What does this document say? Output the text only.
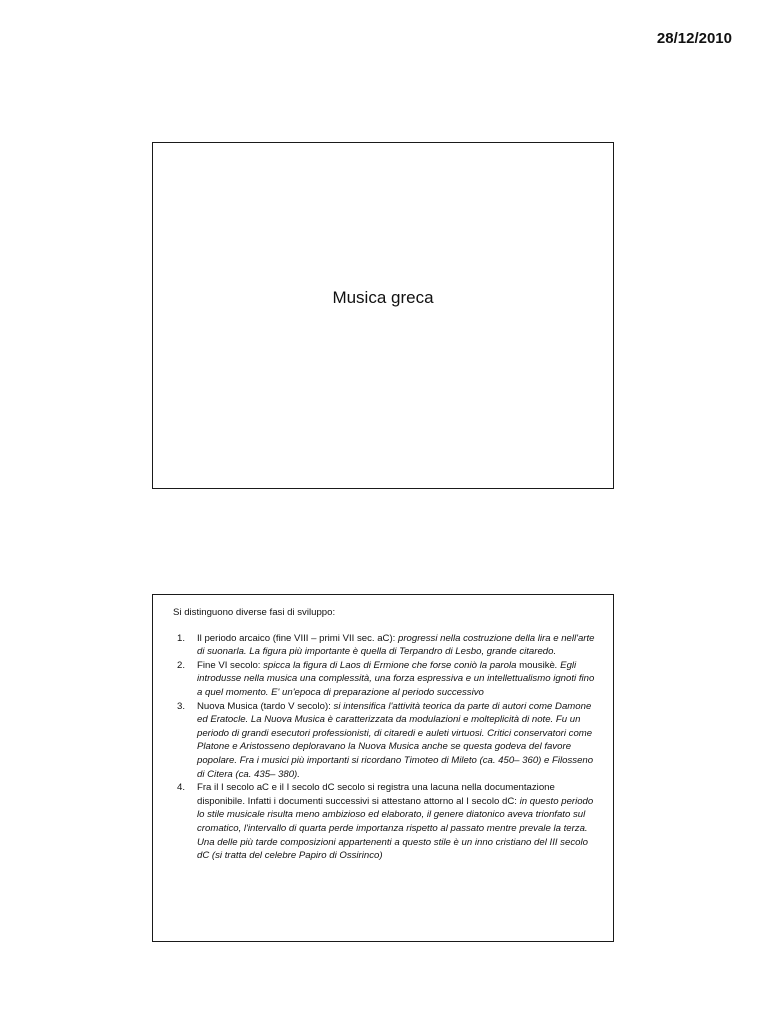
28/12/2010
Musica greca

Si distinguono diverse fasi di sviluppo:

1. Il periodo arcaico (fine VIII – primi VII sec. aC): progressi nella costruzione della lira e nell'arte di suonarla. La figura più importante è quella di Terpandro di Lesbo, grande citaredo.
2. Fine VI secolo: spicca la figura di Laos di Ermione che forse coniò la parola mousikè. Egli introdusse nella musica una complessità, una forza espressiva e un intellettualismo ignoti fino a quel momento. E' un'epoca di preparazione al periodo successivo
3. Nuova Musica (tardo V secolo): si intensifica l'attività teorica da parte di autori come Damone ed Eratocle. La Nuova Musica è caratterizzata da modulazioni e molteplicità di note. Fu un periodo di grandi esecutori professionisti, di citaredi e auleti virtuosi. Critici conservatori come Platone e Aristosseno deploravano la Nuova Musica anche se questa godeva del favore popolare. Fra i musici più importanti si ricordano Timoteo di Mileto (ca. 450– 360) e Filosseno di Citera (ca. 435– 380).
4. Fra il I secolo aC e il I secolo dC secolo si registra una lacuna nella documentazione disponibile. Infatti i documenti successivi si attestano attorno al I secolo dC: in questo periodo lo stile musicale risulta meno ambizioso ed elaborato, il genere diatonico aveva trionfato sul cromatico, l'intervallo di quarta perde importanza rispetto al passato mentre prevale la terza. Una delle più tarde composizioni appartenenti a questo stile è un inno cristiano del III secolo dC (si tratta del celebre Papiro di Ossirinco)
